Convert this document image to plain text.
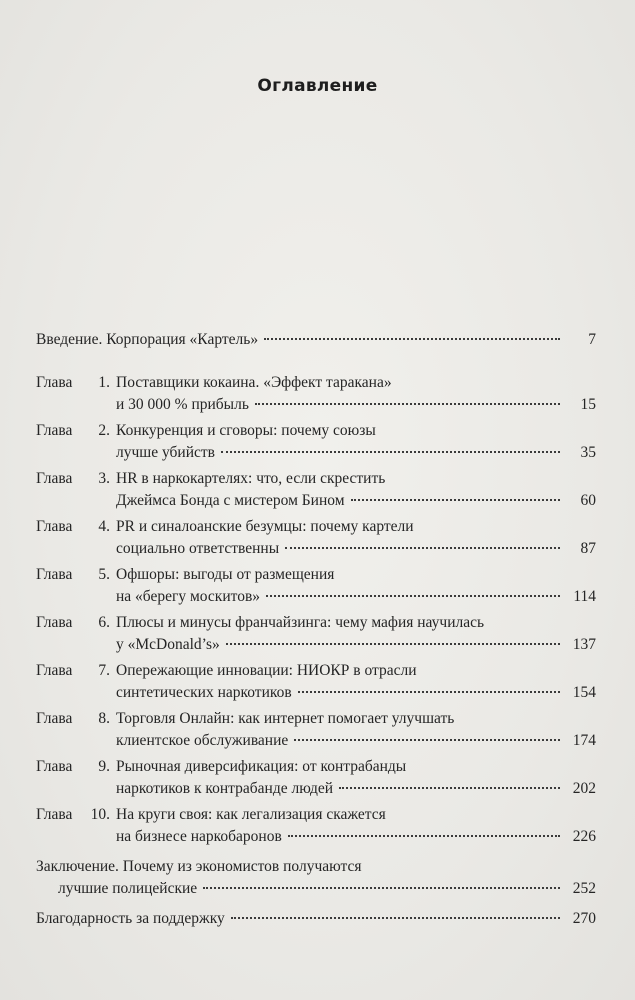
Оглавление
Введение. Корпорация «Картель»	7
Глава	1. Поставщики кокаина. «Эффект таракана»
и 30 000 % прибыль	15
Глава	2. Конкуренция и сговоры: почему союзы
лучше убийств	35
Глава	3. HR в наркокартелях: что, если скрестить
Джеймса Бонда с мистером Бином	60
Глава	4. PR и синалоанские безумцы: почему картели
социально ответственны	87
Глава	5. Офшоры: выгоды от размещения
на «берегу москитов»	114
Глава	6. Плюсы и минусы франчайзинга: чему мафия научилась
у «McDonald’s»	137
Глава	7. Опережающие инновации: НИОКР в отрасли
синтетических наркотиков	154
Глава	8. Торговля Онлайн: как интернет помогает улучшать
клиентское обслуживание	174
Глава	9. Рыночная диверсификация: от контрабанды
наркотиков к контрабанде людей	202
Глава	10. На круги своя: как легализация скажется
на бизнесе наркобаронов	226
Заключение. Почему из экономистов получаются
лучшие полицейские	252
Благодарность за поддержку	270
